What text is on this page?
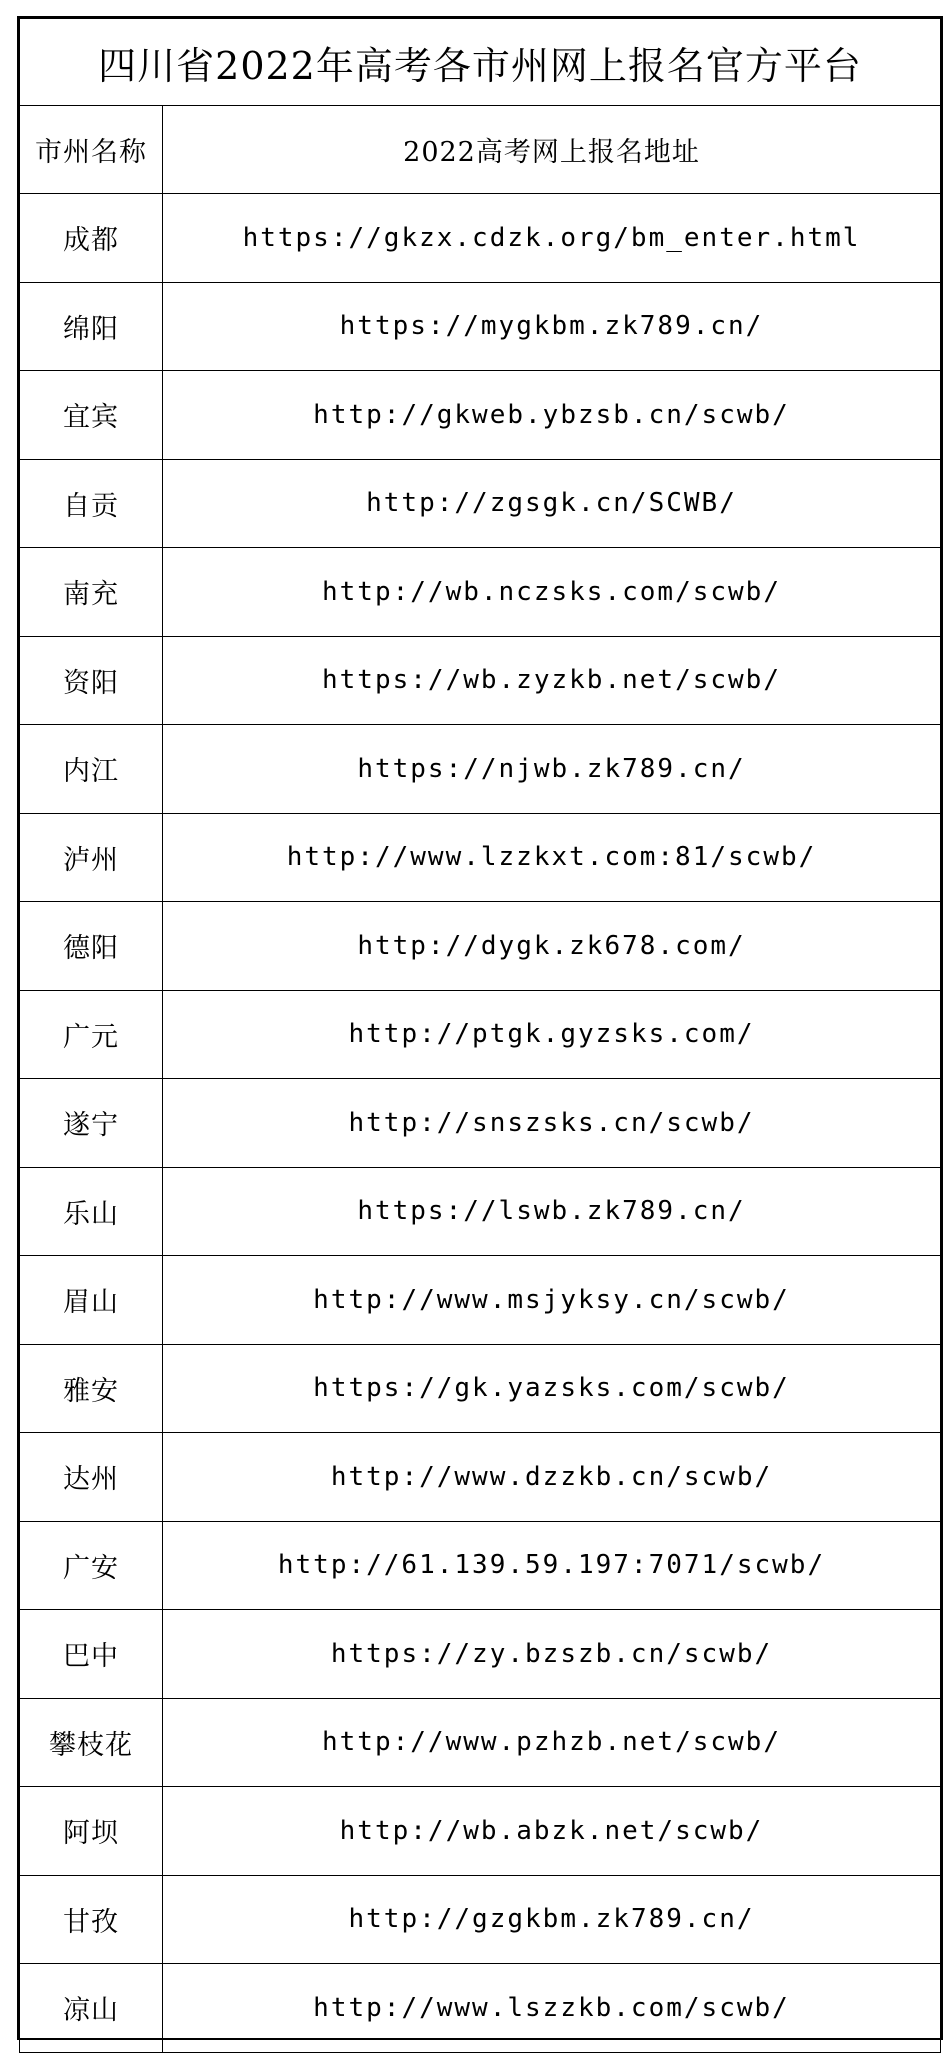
四川省2022年高考各市州网上报名官方平台	
市州名称	2022高考网上报名地址
成都	https://gkzx.cdzk.org/bm_enter.html
绵阳	https://mygkbm.zk789.cn/
宜宾	http://gkweb.ybzsb.cn/scwb/
自贡	http://zgsgk.cn/SCWB/
南充	http://wb.nczsks.com/scwb/
资阳	https://wb.zyzkb.net/scwb/
内江	https://njwb.zk789.cn/
泸州	http://www.lzzkxt.com:81/scwb/
德阳	http://dygk.zk678.com/
广元	http://ptgk.gyzsks.com/
遂宁	http://snszsks.cn/scwb/
乐山	https://lswb.zk789.cn/
眉山	http://www.msjyksy.cn/scwb/
雅安	https://gk.yazsks.com/scwb/
达州	http://www.dzzkb.cn/scwb/
广安	http://61.139.59.197:7071/scwb/
巴中	https://zy.bzszb.cn/scwb/
攀枝花	http://www.pzhzb.net/scwb/
阿坝	http://wb.abzk.net/scwb/
甘孜	http://gzgkbm.zk789.cn/
凉山	http://www.lszzkb.com/scwb/
